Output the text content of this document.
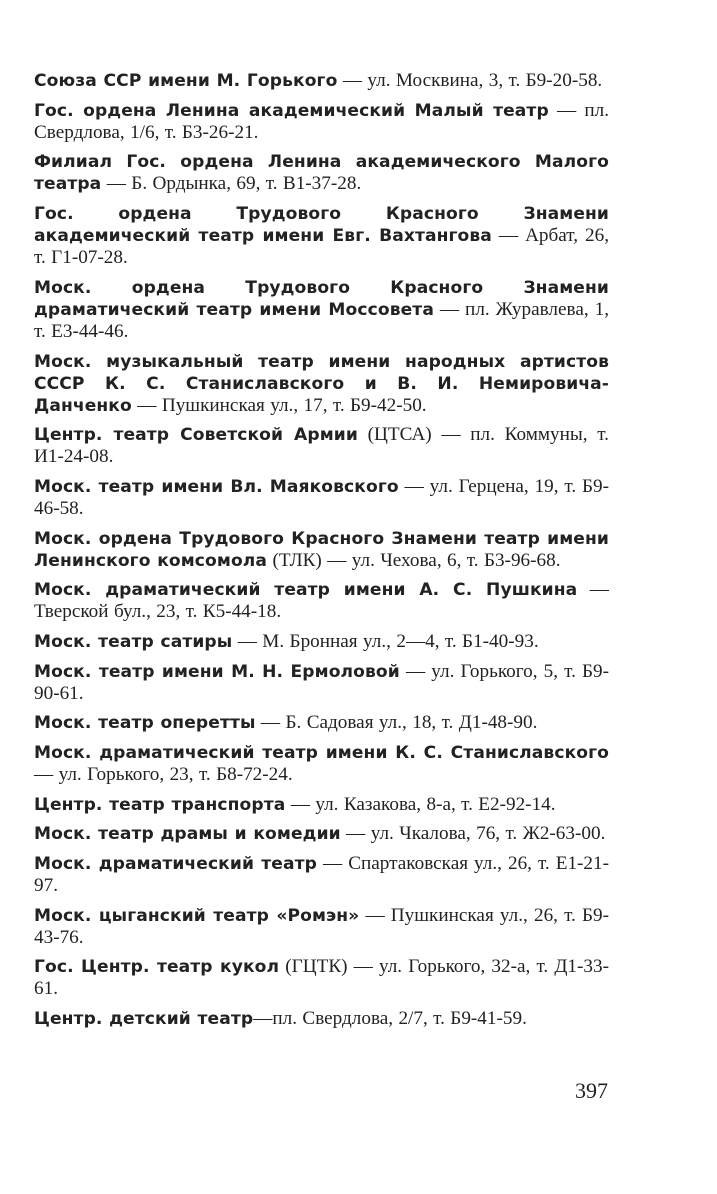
Союза ССР имени М. Горького — ул. Москвина, 3, т. Б9-20-58.

Гос. ордена Ленина академический Малый театр — пл. Свердлова, 1/6, т. Б3-26-21.

Филиал Гос. ордена Ленина академического Малого театра — Б. Ордынка, 69, т. В1-37-28.

Гос. ордена Трудового Красного Знамени академический театр имени Евг. Вахтангова — Арбат, 26, т. Г1-07-28.

Моск. ордена Трудового Красного Знамени драматический театр имени Моссовета — пл. Журавлева, 1, т. Е3-44-46.

Моск. музыкальный театр имени народных артистов СССР К. С. Станиславского и В. И. Немировича-Данченко — Пушкинская ул., 17, т. Б9-42-50.

Центр. театр Советской Армии (ЦТСА) — пл. Коммуны, т. И1-24-08.

Моск. театр имени Вл. Маяковского — ул. Герцена, 19, т. Б9-46-58.

Моск. ордена Трудового Красного Знамени театр имени Ленинского комсомола (ТЛК) — ул. Чехова, 6, т. Б3-96-68.

Моск. драматический театр имени А. С. Пушкина — Тверской бул., 23, т. К5-44-18.

Моск. театр сатиры — М. Бронная ул., 2—4, т. Б1-40-93.

Моск. театр имени М. Н. Ермоловой — ул. Горького, 5, т. Б9-90-61.

Моск. театр оперетты — Б. Садовая ул., 18, т. Д1-48-90.

Моск. драматический театр имени К. С. Станиславского — ул. Горького, 23, т. Б8-72-24.

Центр. театр транспорта — ул. Казакова, 8-а, т. Е2-92-14.

Моск. театр драмы и комедии — ул. Чкалова, 76, т. Ж2-63-00.

Моск. драматический театр — Спартаковская ул., 26, т. Е1-21-97.

Моск. цыганский театр «Ромэн» — Пушкинская ул., 26, т. Б9-43-76.

Гос. Центр. театр кукол (ГЦТК) — ул. Горького, 32-а, т. Д1-33-61.

Центр. детский театр—пл. Свердлова, 2/7, т. Б9-41-59.

397
